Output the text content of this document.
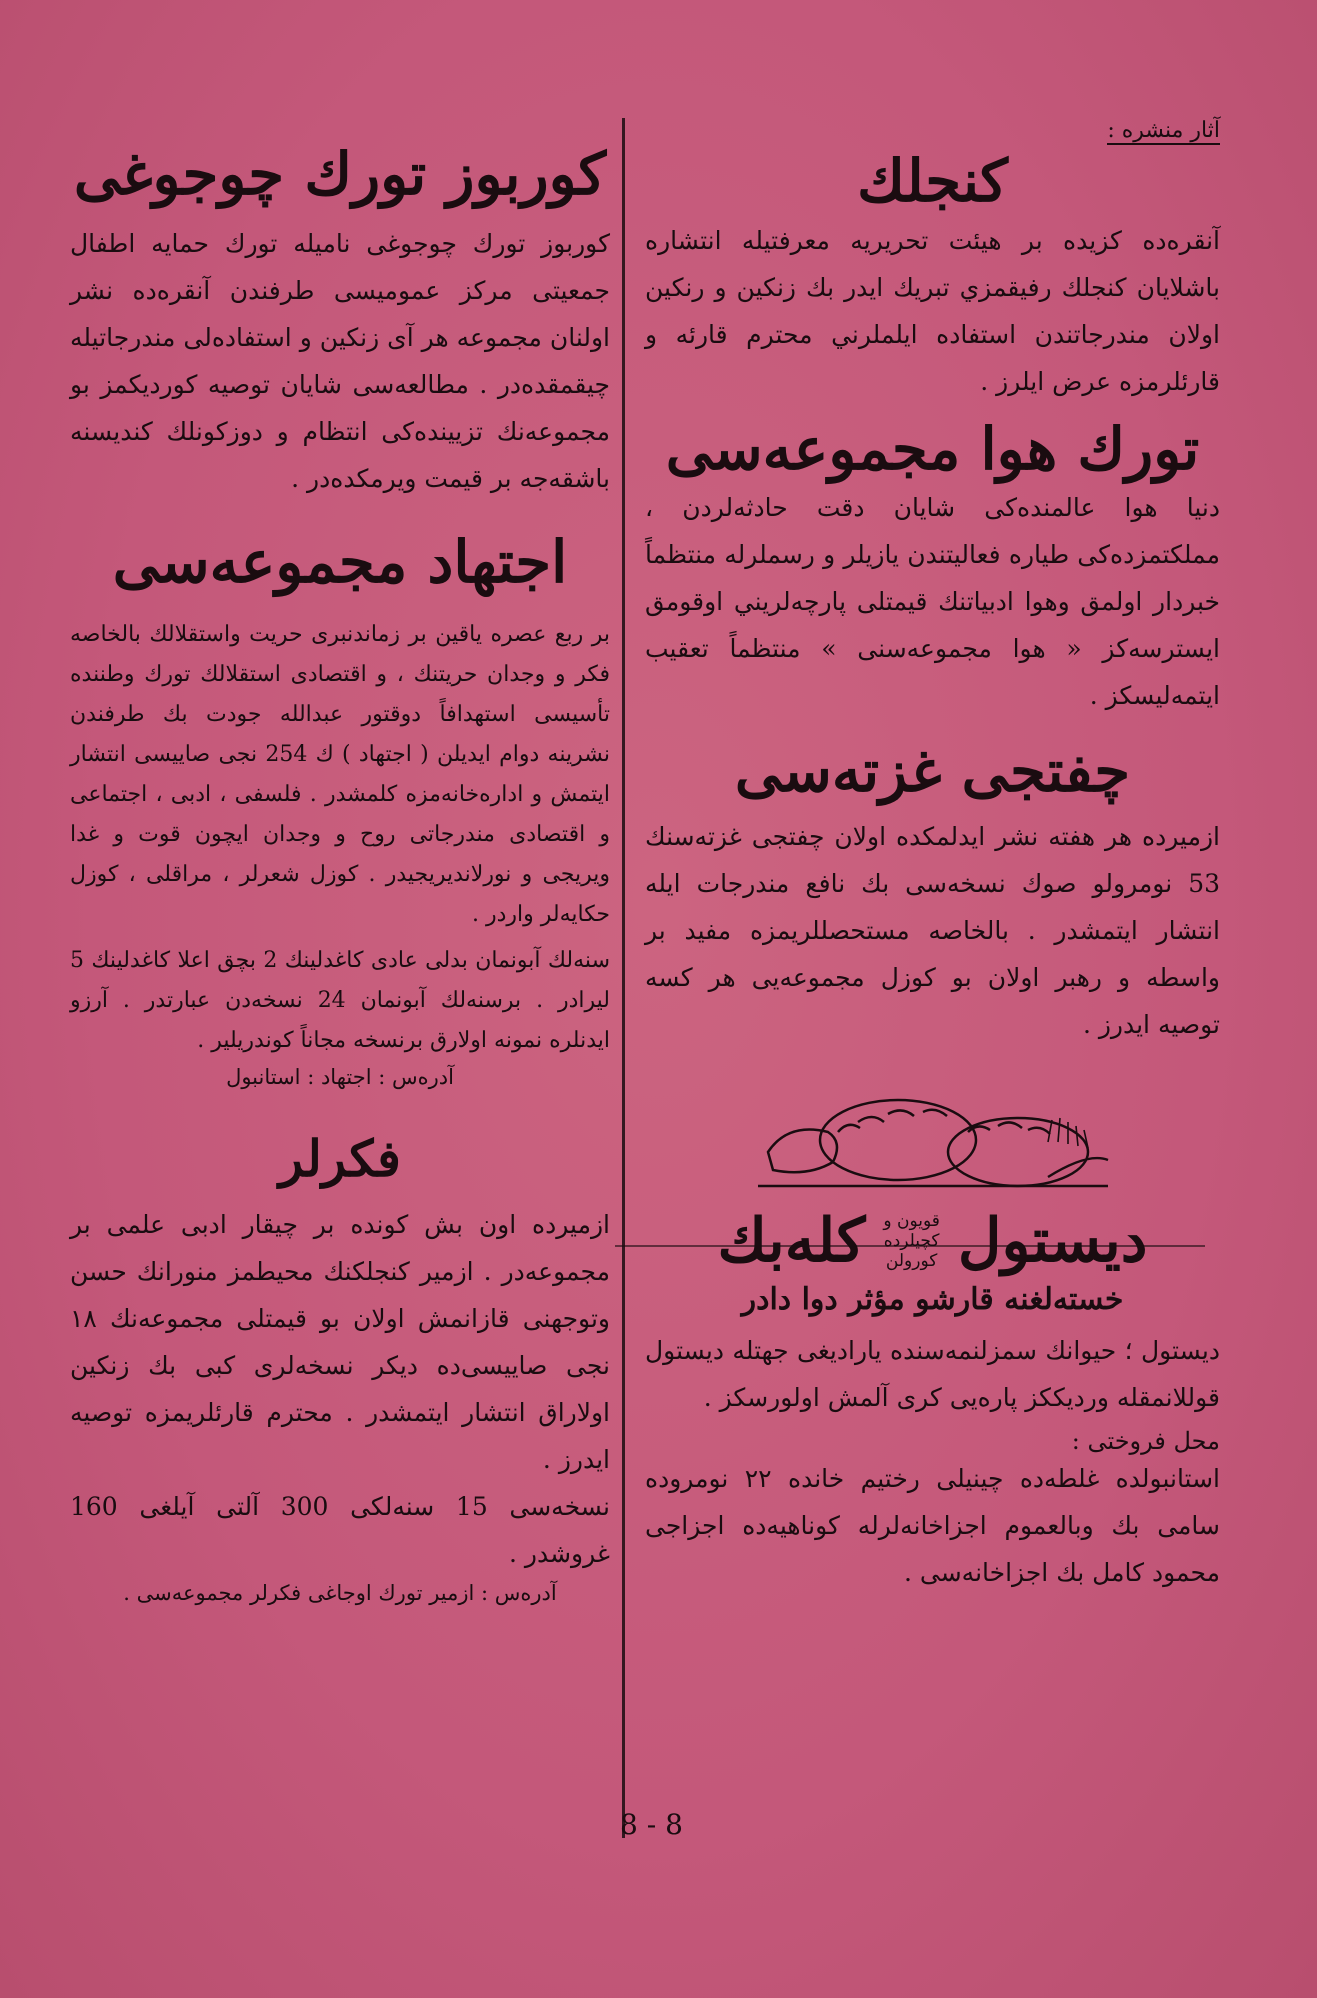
آثار منشره :
كنجلك

آنقره‌ده كزيده بر هيئت تحريريه معرفتيله انتشاره باشلايان كنجلك رفيقمزي تبريك ايدر بك زنكين و رنكين اولان مندرجاتندن استفاده ايلملرني محترم قارئه و قارئلرمزه عرض ايلرز .

تورك هوا مجموعه‌سى

دنيا هوا عالمنده‌كى شايان دقت حادثه‌لردن ، مملكتمزده‌كى طياره فعاليتندن يازيلر و رسملرله منتظماً خبردار اولمق وهوا ادبياتنك قيمتلى پارچه‌لريني اوقومق ايسترسه‌كز « هوا مجموعه‌سنى » منتظماً تعقيب ايتمه‌ليسكز .

چفتجى غزته‌سى

ازميرده هر هفته نشر ايدلمكده اولان چفتجى غزته‌سنك 53 نومرولو صوك نسخه‌سى بك نافع مندرجات ايله انتشار ايتمشدر . بالخاصه مستحصللريمزه مفيد بر واسطه و رهبر اولان بو كوزل مجموعه‌يى هر كسه توصيه ايدرز .

ديستول
قويون و
كچيلرده
كورولن
كله‌بك
خسته‌لغنه قارشو مؤثر دوا دادر

ديستول ؛ حيوانك سمزلنمه‌سنده ياراديغى جهتله ديستول قوللانمقله ورديككز پاره‌يى كرى آلمش اولورسكز .

محل فروختى :

استانبولده غلطه‌ده چينيلى رختيم خانده ۲۲ نومروده سامى بك وبالعموم اجزاخانه‌لرله كوناهيه‌ده اجزاجى محمود كامل بك اجزاخانه‌سى .

8 - 8
كوربوز تورك چوجوغى

كوربوز تورك چوجوغى ناميله تورك حمايه اطفال جمعيتى مركز عموميسى طرفندن آنقره‌ده نشر اولنان مجموعه هر آى زنكين و استفاده‌لى مندرجاتيله چيقمقده‌در . مطالعه‌سى شايان توصيه كورديكمز بو مجموعه‌نك تزيينده‌كى انتظام و دوزكونلك كنديسنه باشقه‌جه بر قيمت ويرمكده‌در .

اجتهاد مجموعه‌سى

بر ربع عصره ياقين بر زماندنبرى حريت واستقلالك بالخاصه فكر و وجدان حريتنك ، و اقتصادى استقلالك تورك وطننده تأسيسى استهدافاً دوقتور عبدالله جودت بك طرفندن نشرينه دوام ايديلن ( اجتهاد ) ك 254 نجى صاييسى انتشار ايتمش و اداره‌خانه‌مزه كلمشدر . فلسفى ، ادبى ، اجتماعى و اقتصادى مندرجاتى روح و وجدان ايچون قوت و غدا ويريجى و نورلانديريجيدر . كوزل شعرلر ، مراقلى ، كوزل حكايه‌لر واردر .

سنه‌لك آبونمان بدلى عادى كاغدلينك 2 بچق اعلا كاغدلينك 5 ليرادر . برسنه‌لك آبونمان 24 نسخه‌دن عبارتدر . آرزو ايدنلره نمونه اولارق برنسخه مجاناً كوندريلير .

آدره‌س : اجتهاد : استانبول
فكرلر

ازميرده اون بش كونده بر چيقار ادبى علمى بر مجموعه‌در . ازمير كنجلكنك محيطمز منورانك حسن وتوجهنى قازانمش اولان بو قيمتلى مجموعه‌نك ١٨ نجى صاييسى‌ده ديكر نسخه‌لرى كبى بك زنكين اولاراق انتشار ايتمشدر . محترم قارئلريمزه توصيه ايدرز .

نسخه‌سى 15 سنه‌لكى 300 آلتى آيلغى 160 غروشدر .

آدره‌س : ازمير تورك اوجاغى فكرلر مجموعه‌سى .
